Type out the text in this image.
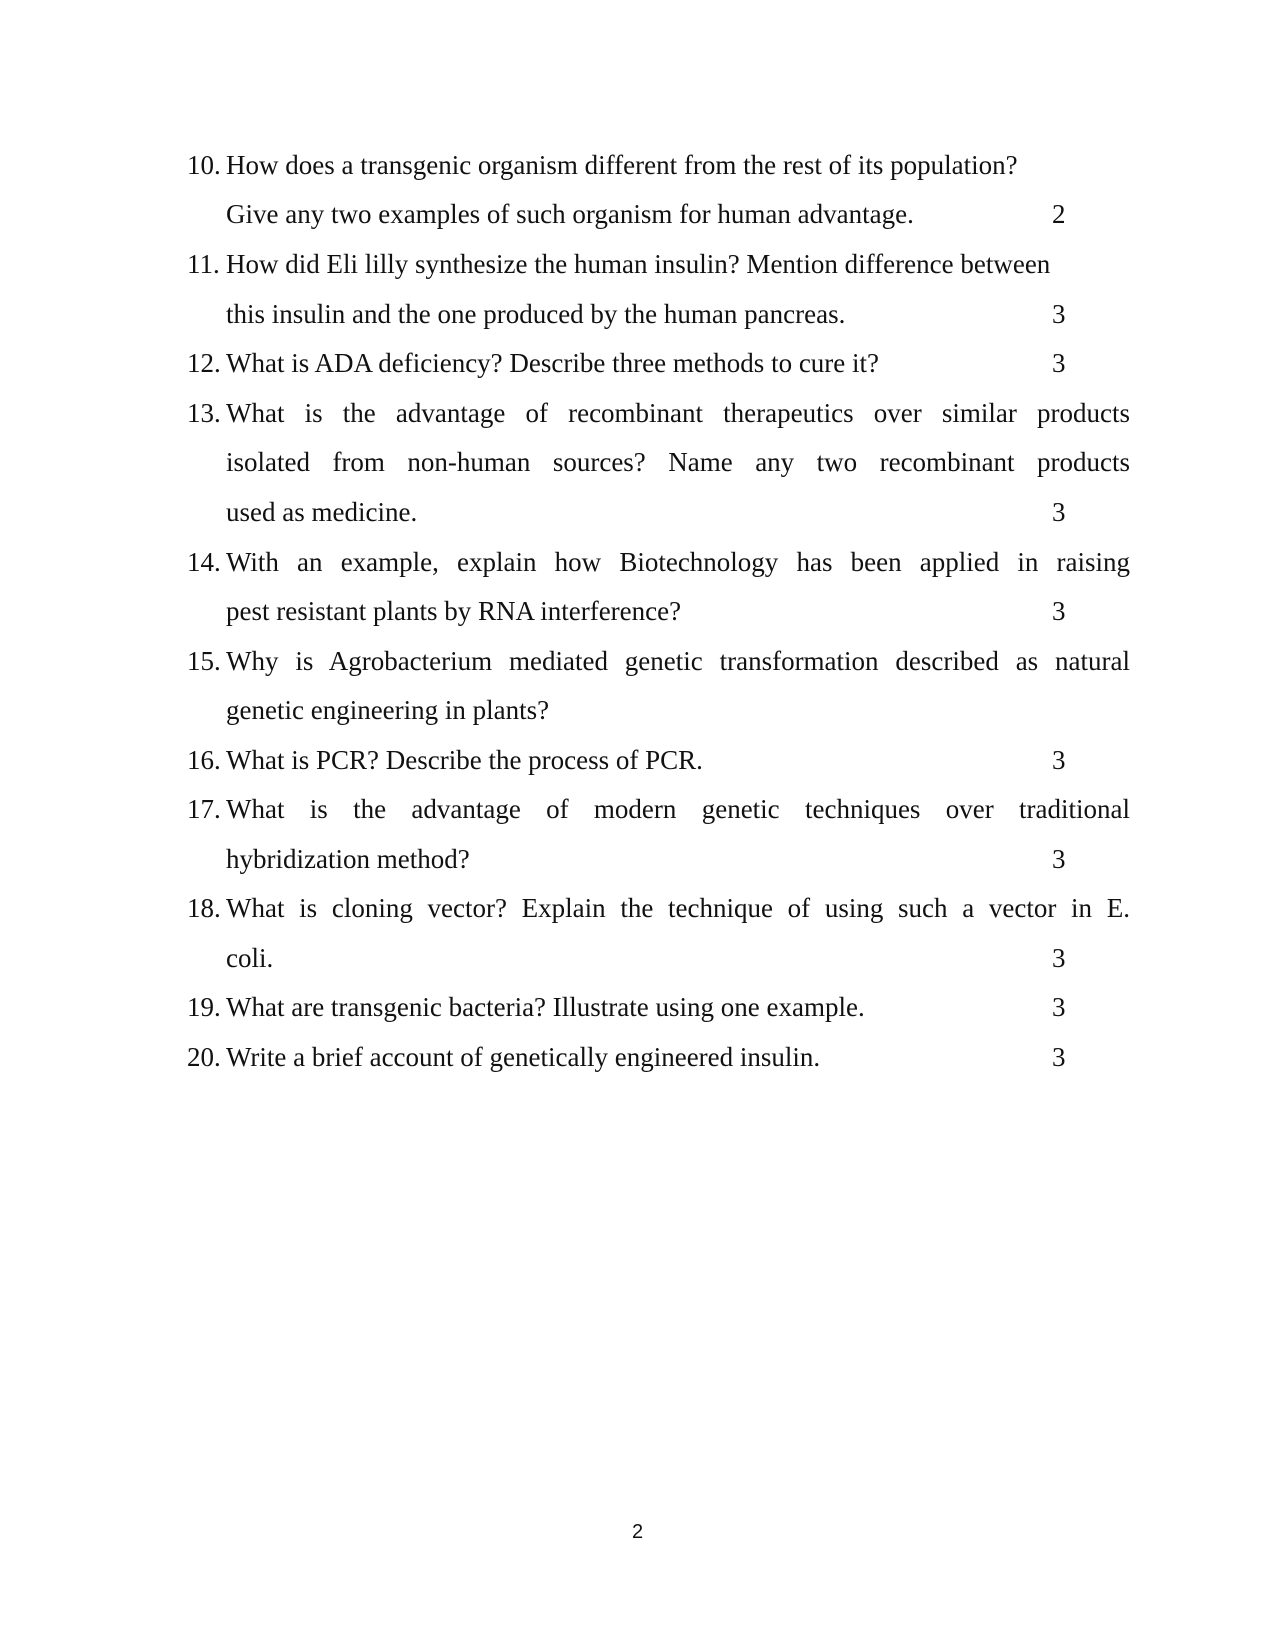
10. How does a transgenic organism different from the rest of its population?
Give any two examples of such organism for human advantage.	2
11. How did Eli lilly synthesize the human insulin? Mention difference between
this insulin and the one produced by the human pancreas.	3
12. What is ADA deficiency? Describe three methods to cure it?	3
13. What is the advantage of recombinant therapeutics over similar products
isolated from non-human sources? Name any two recombinant products
used as medicine.	3
14. With an example, explain how Biotechnology has been applied in raising
pest resistant plants by RNA interference?	3
15. Why is Agrobacterium mediated genetic transformation described as natural
genetic engineering in plants?
16. What is PCR? Describe the process of PCR.	3
17. What is the advantage of modern genetic techniques over traditional
hybridization method?	3
18. What is cloning vector? Explain the technique of using such a vector in E.
coli.	3
19. What are transgenic bacteria? Illustrate using one example.	3
20. Write a brief account of genetically engineered insulin.	3
2
